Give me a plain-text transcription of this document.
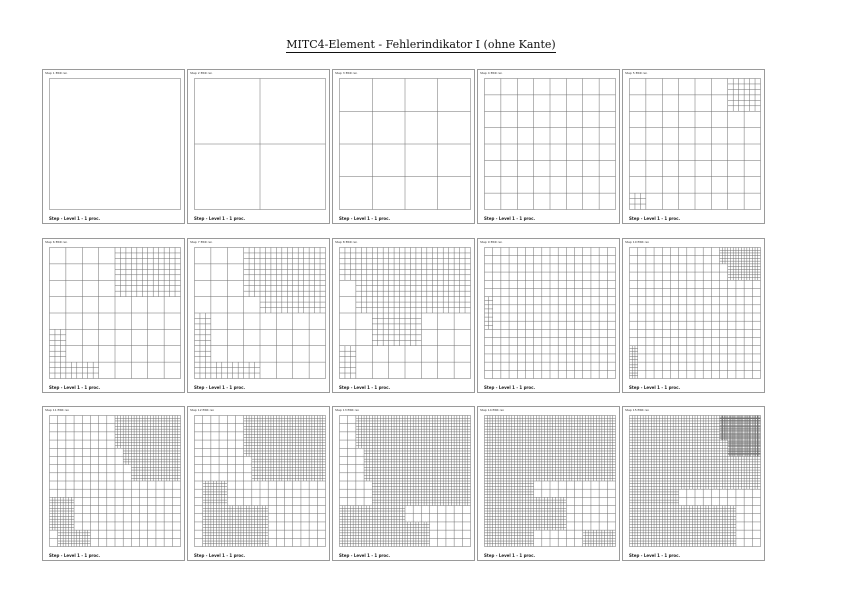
MITC4-Element - Fehlerindikator I (ohne Kante)
Step 1 ERR rel.
Step - Level 1 - 1 proc.
Step 2 ERR rel.
Step - Level 1 - 1 proc.
Step 3 ERR rel.
Step - Level 1 - 1 proc.
Step 4 ERR rel.
Step - Level 1 - 1 proc.
Step 5 ERR rel.
Step - Level 1 - 1 proc.
Step 6 ERR rel.
Step - Level 1 - 1 proc.
Step 7 ERR rel.
Step - Level 1 - 1 proc.
Step 8 ERR rel.
Step - Level 1 - 1 proc.
Step 9 ERR rel.
Step - Level 1 - 1 proc.
Step 10 ERR rel.
Step - Level 1 - 1 proc.
Step 11 ERR rel.
Step - Level 1 - 1 proc.
Step 12 ERR rel.
Step - Level 1 - 1 proc.
Step 13 ERR rel.
Step - Level 1 - 1 proc.
Step 14 ERR rel.
Step - Level 1 - 1 proc.
Step 15 ERR rel.
Step - Level 1 - 1 proc.
